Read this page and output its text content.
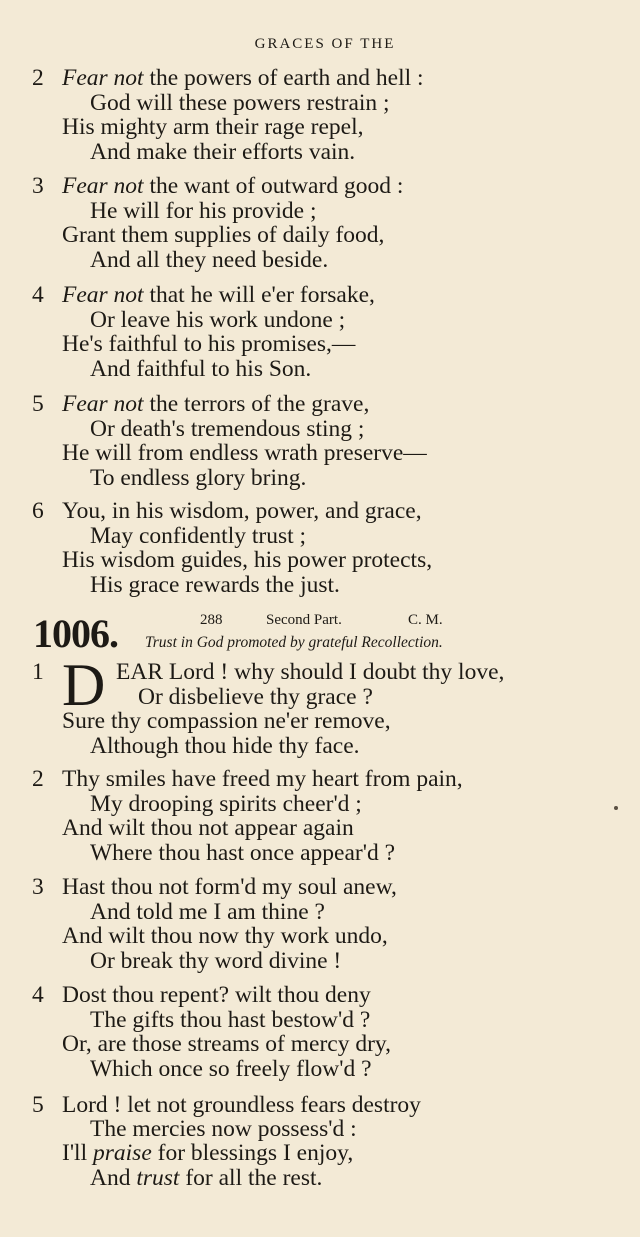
GRACES OF THE
2 Fear not the powers of earth and hell :
God will these powers restrain ;
His mighty arm their rage repel,
And make their efforts vain.
3 Fear not the want of outward good :
He will for his provide ;
Grant them supplies of daily food,
And all they need beside.
4 Fear not that he will e'er forsake,
Or leave his work undone ;
He's faithful to his promises,—
And faithful to his Son.
5 Fear not the terrors of the grave,
Or death's tremendous sting ;
He will from endless wrath preserve—
To endless glory bring.
6 You, in his wisdom, power, and grace,
May confidently trust ;
His wisdom guides, his power protects,
His grace rewards the just.
1006.	288	Second Part.	C. M.
Trust in God promoted by grateful Recollection.
1 D EAR Lord ! why should I doubt thy love,
Or disbelieve thy grace ?
Sure thy compassion ne'er remove,
Although thou hide thy face.
2 Thy smiles have freed my heart from pain,
My drooping spirits cheer'd ;
And wilt thou not appear again
Where thou hast once appear'd ?
3 Hast thou not form'd my soul anew,
And told me I am thine ?
And wilt thou now thy work undo,
Or break thy word divine !
4 Dost thou repent? wilt thou deny
The gifts thou hast bestow'd ?
Or, are those streams of mercy dry,
Which once so freely flow'd ?
5 Lord ! let not groundless fears destroy
The mercies now possess'd :
I'll praise for blessings I enjoy,
And trust for all the rest.
